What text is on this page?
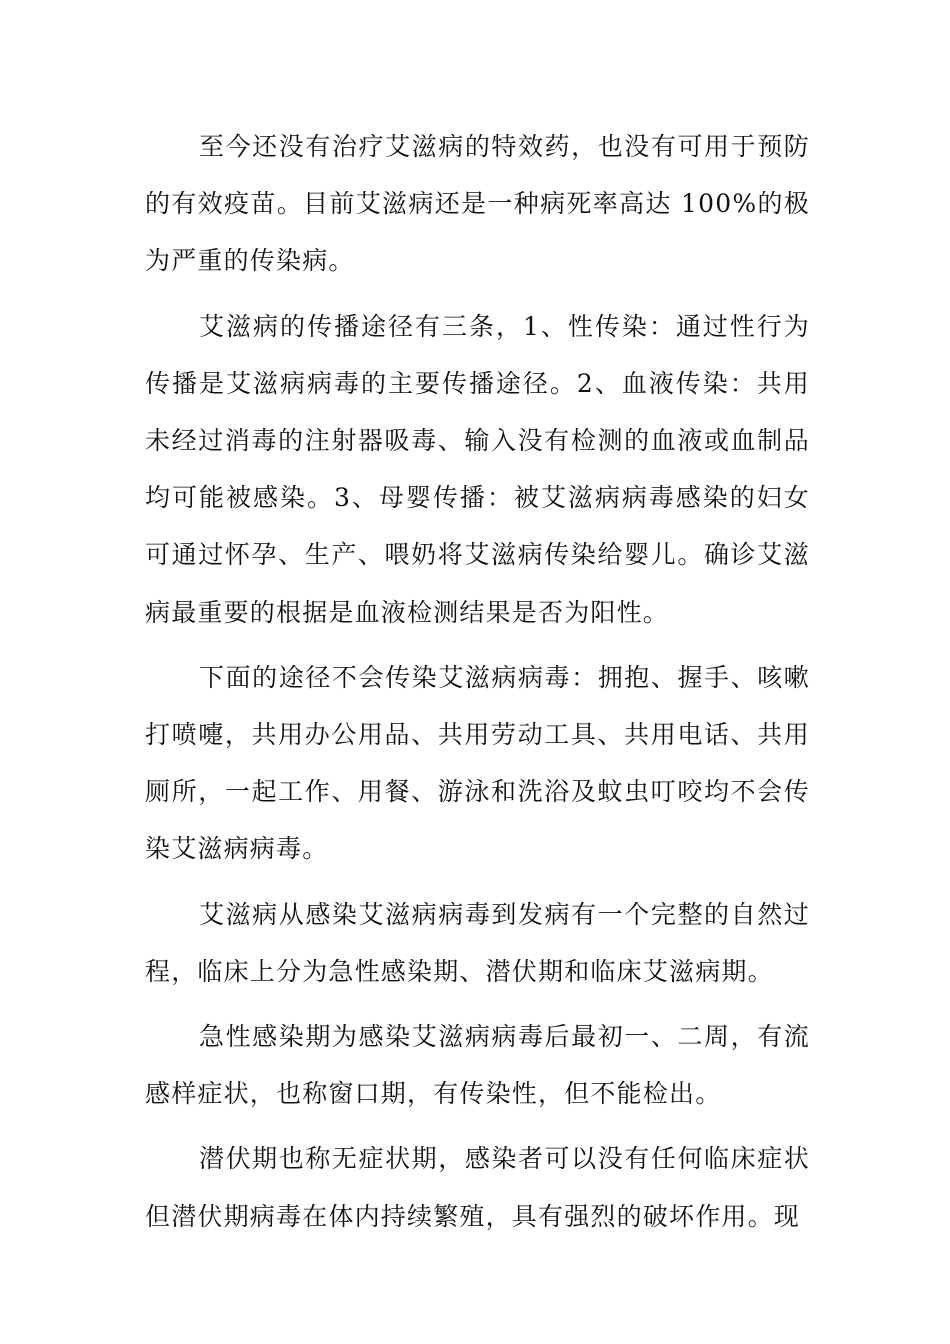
至今还没有治疗艾滋病的特效药，也没有可用于预防的有效疫苗。目前艾滋病还是一种病死率高达 100%的极为严重的传染病。

艾滋病的传播途径有三条，1、性传染：通过性行为传播是艾滋病病毒的主要传播途径。2、血液传染：共用未经过消毒的注射器吸毒、输入没有检测的血液或血制品均可能被感染。3、母婴传播：被艾滋病病毒感染的妇女可通过怀孕、生产、喂奶将艾滋病传染给婴儿。确诊艾滋病最重要的根据是血液检测结果是否为阳性。

下面的途径不会传染艾滋病病毒：拥抱、握手、咳嗽打喷嚏，共用办公用品、共用劳动工具、共用电话、共用厕所，一起工作、用餐、游泳和洗浴及蚊虫叮咬均不会传染艾滋病病毒。

艾滋病从感染艾滋病病毒到发病有一个完整的自然过程，临床上分为急性感染期、潜伏期和临床艾滋病期。

急性感染期为感染艾滋病病毒后最初一、二周，有流感样症状，也称窗口期，有传染性，但不能检出。

潜伏期也称无症状期，感染者可以没有任何临床症状但潜伏期病毒在体内持续繁殖，具有强烈的破坏作用。现
